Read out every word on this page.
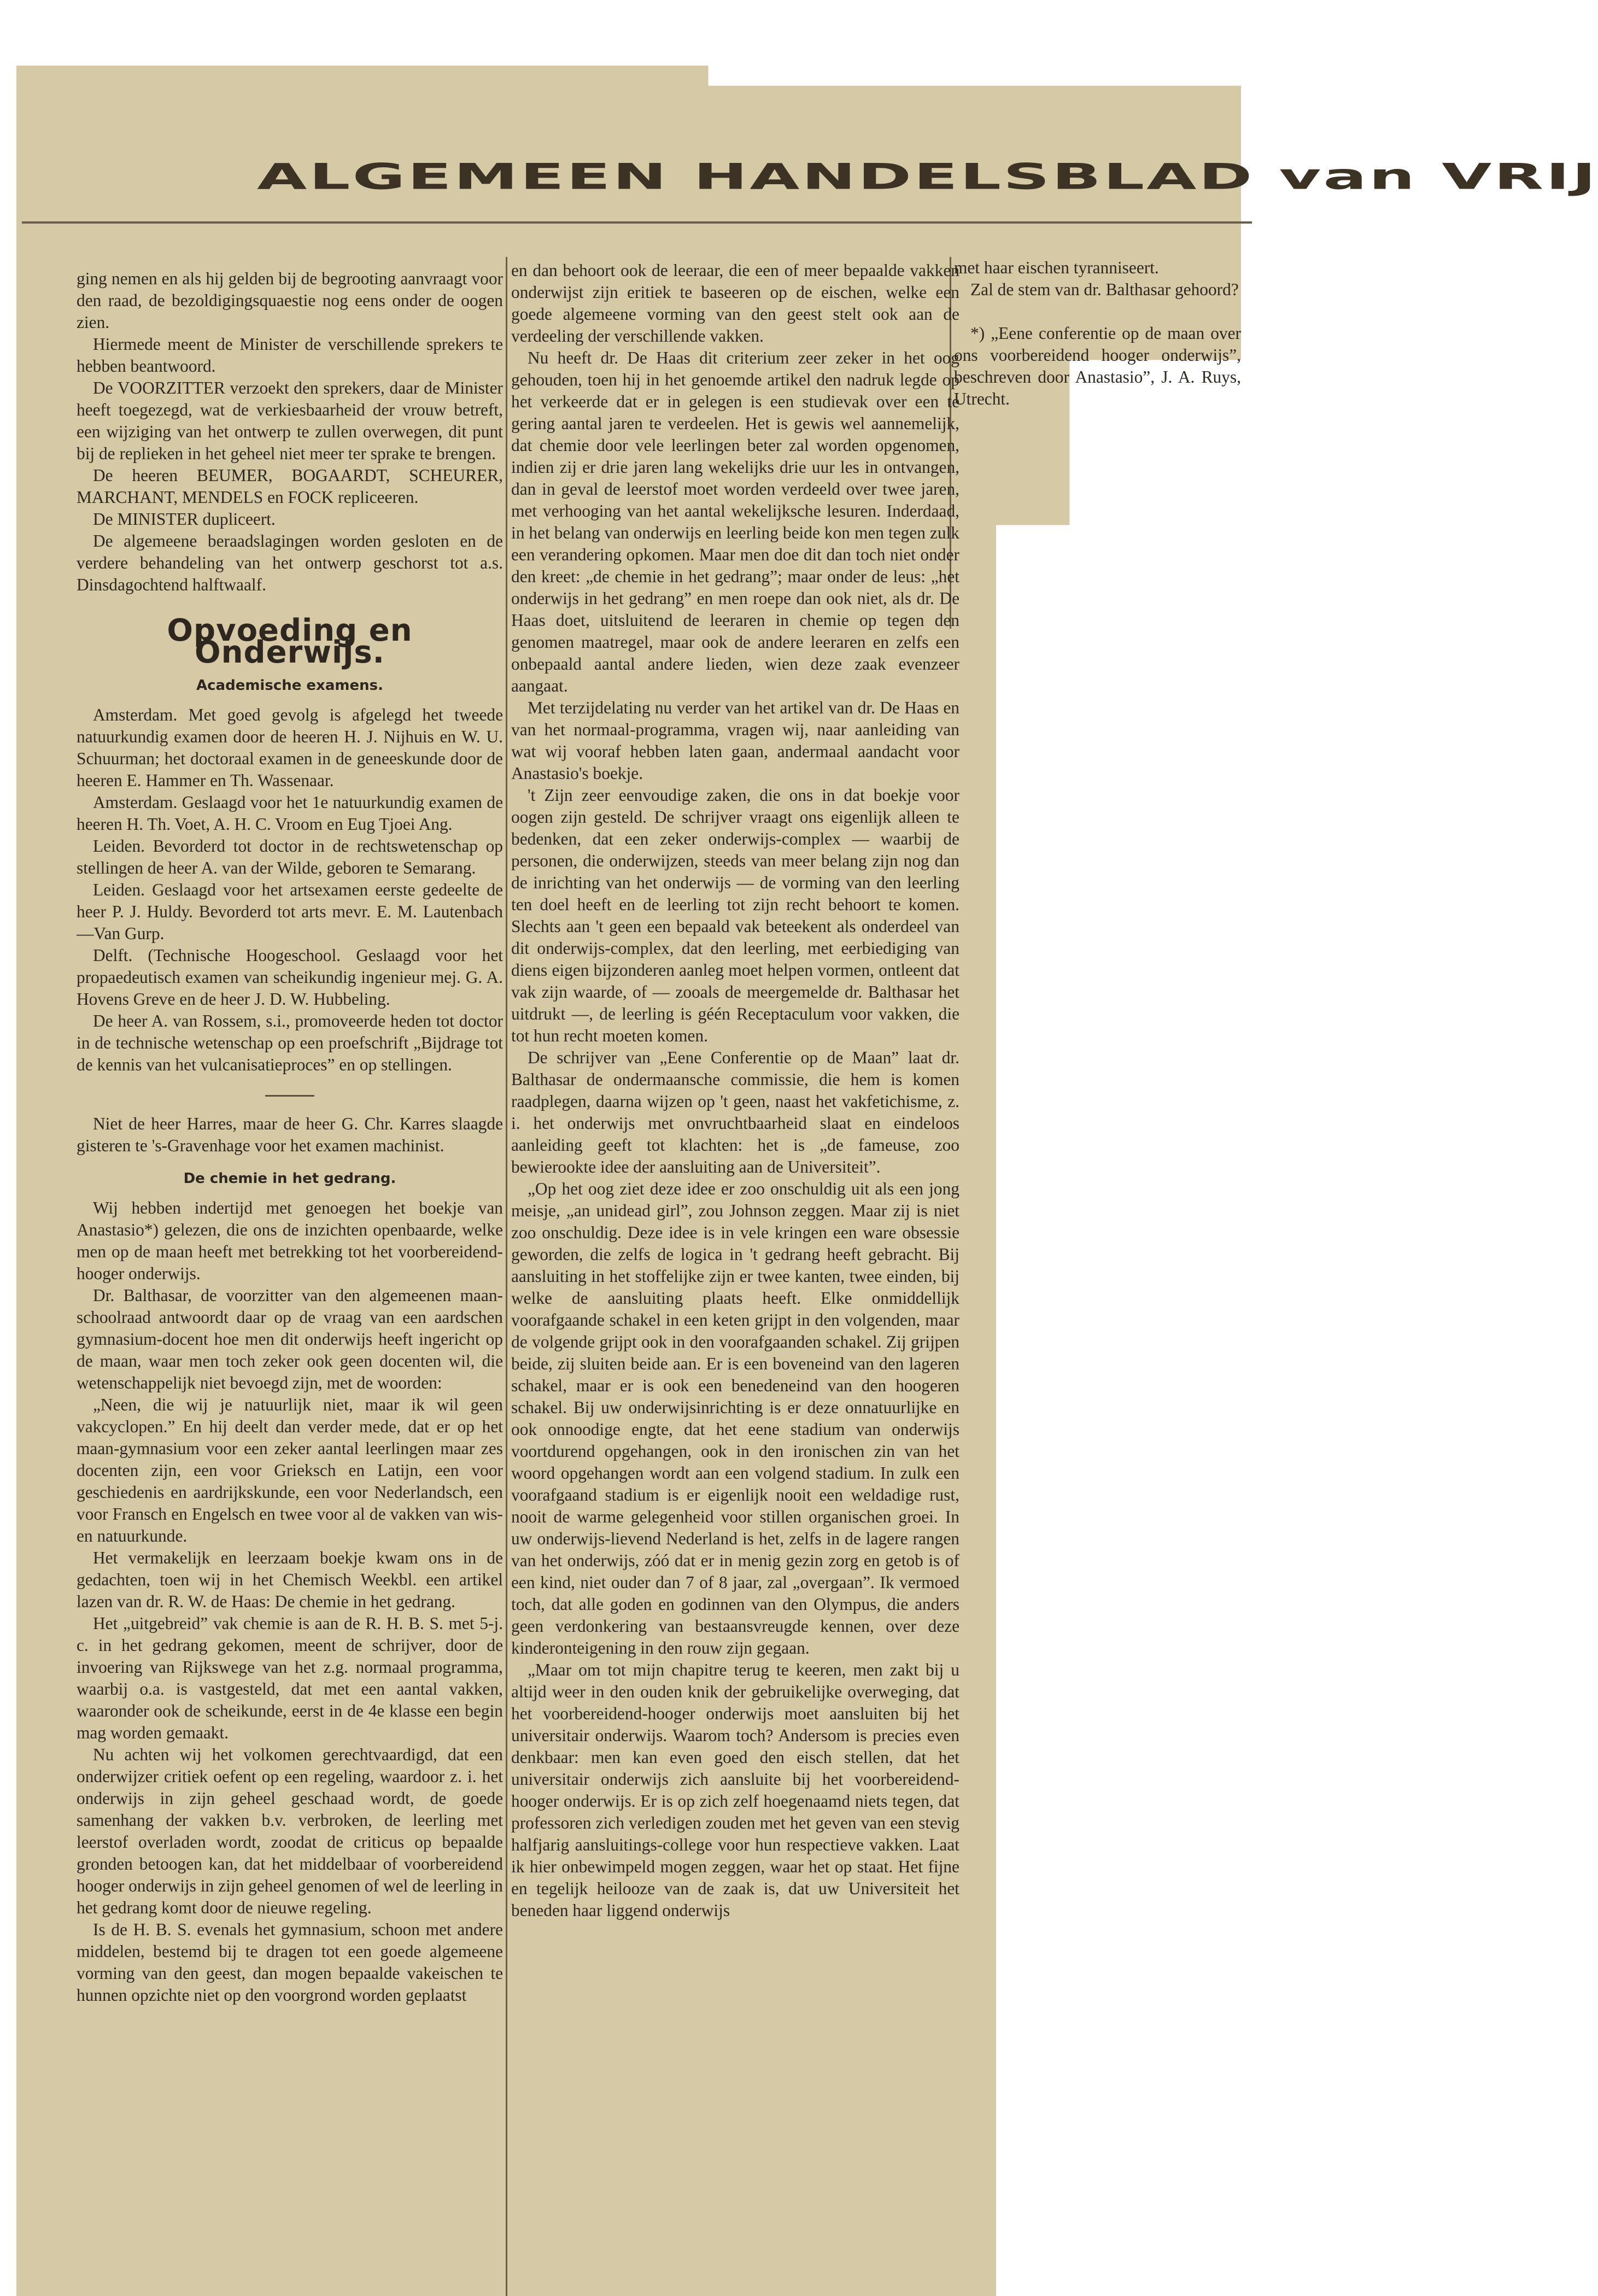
ALGEMEEN HANDELSBLAD van VRIJ

ging nemen en als hij gelden bij de begrooting aanvraagt voor den raad, de bezoldigingsquaestie nog eens onder de oogen zien.

Hiermede meent de Minister de verschillende sprekers te hebben beantwoord.

De VOORZITTER verzoekt den sprekers, daar de Minister heeft toegezegd, wat de verkiesbaarheid der vrouw betreft, een wijziging van het ontwerp te zullen overwegen, dit punt bij de replieken in het geheel niet meer ter sprake te brengen.

De heeren BEUMER, BOGAARDT, SCHEURER, MARCHANT, MENDELS en FOCK repliceeren.

De MINISTER dupliceert.

De algemeene beraadslagingen worden gesloten en de verdere behandeling van het ontwerp geschorst tot a.s. Dinsdagochtend halftwaalf.

Opvoeding en Onderwijs.
Academische examens.

Amsterdam. Met goed gevolg is afgelegd het tweede natuurkundig examen door de heeren H. J. Nijhuis en W. U. Schuurman; het doctoraal examen in de geneeskunde door de heeren E. Hammer en Th. Wassenaar.

Amsterdam. Geslaagd voor het 1e natuurkundig examen de heeren H. Th. Voet, A. H. C. Vroom en Eug Tjoei Ang.

Leiden. Bevorderd tot doctor in de rechtswetenschap op stellingen de heer A. van der Wilde, geboren te Semarang.

Leiden. Geslaagd voor het artsexamen eerste gedeelte de heer P. J. Huldy. Bevorderd tot arts mevr. E. M. Lautenbach—Van Gurp.

Delft. (Technische Hoogeschool. Geslaagd voor het propaedeutisch examen van scheikundig ingenieur mej. G. A. Hovens Greve en de heer J. D. W. Hubbeling.

De heer A. van Rossem, s.i., promoveerde heden tot doctor in de technische wetenschap op een proefschrift „Bijdrage tot de kennis van het vulcanisatieproces” en op stellingen.

Niet de heer Harres, maar de heer G. Chr. Karres slaagde gisteren te 's-Gravenhage voor het examen machinist.

De chemie in het gedrang.

Wij hebben indertijd met genoegen het boekje van Anastasio*) gelezen, die ons de inzichten openbaarde, welke men op de maan heeft met betrekking tot het voorbereidend-hooger onderwijs.

Dr. Balthasar, de voorzitter van den algemeenen maan-schoolraad antwoordt daar op de vraag van een aardschen gymnasium-docent hoe men dit onderwijs heeft ingericht op de maan, waar men toch zeker ook geen docenten wil, die wetenschappelijk niet bevoegd zijn, met de woorden:

„Neen, die wij je natuurlijk niet, maar ik wil geen vakcyclopen.” En hij deelt dan verder mede, dat er op het maan-gymnasium voor een zeker aantal leerlingen maar zes docenten zijn, een voor Grieksch en Latijn, een voor geschiedenis en aardrijkskunde, een voor Nederlandsch, een voor Fransch en Engelsch en twee voor al de vakken van wis- en natuurkunde.

Het vermakelijk en leerzaam boekje kwam ons in de gedachten, toen wij in het Chemisch Weekbl. een artikel lazen van dr. R. W. de Haas: De chemie in het gedrang.

Het „uitgebreid” vak chemie is aan de R. H. B. S. met 5-j. c. in het gedrang gekomen, meent de schrijver, door de invoering van Rijkswege van het z.g. normaal programma, waarbij o.a. is vastgesteld, dat met een aantal vakken, waaronder ook de scheikunde, eerst in de 4e klasse een begin mag worden gemaakt.

Nu achten wij het volkomen gerechtvaardigd, dat een onderwijzer critiek oefent op een regeling, waardoor z. i. het onderwijs in zijn geheel geschaad wordt, de goede samenhang der vakken b.v. verbroken, de leerling met leerstof overladen wordt, zoodat de criticus op bepaalde gronden betoogen kan, dat het middelbaar of voorbereidend hooger onderwijs in zijn geheel genomen of wel de leerling in het gedrang komt door de nieuwe regeling.

Is de H. B. S. evenals het gymnasium, schoon met andere middelen, bestemd bij te dragen tot een goede algemeene vorming van den geest, dan mogen bepaalde vakeischen te hunnen opzichte niet op den voorgrond worden geplaatst

en dan behoort ook de leeraar, die een of meer bepaalde vakken onderwijst zijn eritiek te baseeren op de eischen, welke een goede algemeene vorming van den geest stelt ook aan de verdeeling der verschillende vakken.

Nu heeft dr. De Haas dit criterium zeer zeker in het oog gehouden, toen hij in het genoemde artikel den nadruk legde op het verkeerde dat er in gelegen is een studievak over een te gering aantal jaren te verdeelen. Het is gewis wel aannemelijk, dat chemie door vele leerlingen beter zal worden opgenomen, indien zij er drie jaren lang wekelijks drie uur les in ontvangen, dan in geval de leerstof moet worden verdeeld over twee jaren, met verhooging van het aantal wekelijksche lesuren. Inderdaad, in het belang van onderwijs en leerling beide kon men tegen zulk een verandering opkomen. Maar men doe dit dan toch niet onder den kreet: „de chemie in het gedrang”; maar onder de leus: „het onderwijs in het gedrang” en men roepe dan ook niet, als dr. De Haas doet, uitsluitend de leeraren in chemie op tegen den genomen maatregel, maar ook de andere leeraren en zelfs een onbepaald aantal andere lieden, wien deze zaak evenzeer aangaat.

Met terzijdelating nu verder van het artikel van dr. De Haas en van het normaal-programma, vragen wij, naar aanleiding van wat wij vooraf hebben laten gaan, andermaal aandacht voor Anastasio's boekje.

't Zijn zeer eenvoudige zaken, die ons in dat boekje voor oogen zijn gesteld. De schrijver vraagt ons eigenlijk alleen te bedenken, dat een zeker onderwijs-complex — waarbij de personen, die onderwijzen, steeds van meer belang zijn nog dan de inrichting van het onderwijs — de vorming van den leerling ten doel heeft en de leerling tot zijn recht behoort te komen. Slechts aan 't geen een bepaald vak beteekent als onderdeel van dit onderwijs-complex, dat den leerling, met eerbiediging van diens eigen bijzonderen aanleg moet helpen vormen, ontleent dat vak zijn waarde, of — zooals de meergemelde dr. Balthasar het uitdrukt —, de leerling is géén Receptaculum voor vakken, die tot hun recht moeten komen.

De schrijver van „Eene Conferentie op de Maan” laat dr. Balthasar de ondermaansche commissie, die hem is komen raadplegen, daarna wijzen op 't geen, naast het vakfetichisme, z. i. het onderwijs met onvruchtbaarheid slaat en eindeloos aanleiding geeft tot klachten: het is „de fameuse, zoo bewierookte idee der aansluiting aan de Universiteit”.

„Op het oog ziet deze idee er zoo onschuldig uit als een jong meisje, „an unidead girl”, zou Johnson zeggen. Maar zij is niet zoo onschuldig. Deze idee is in vele kringen een ware obsessie geworden, die zelfs de logica in 't gedrang heeft gebracht. Bij aansluiting in het stoffelijke zijn er twee kanten, twee einden, bij welke de aansluiting plaats heeft. Elke onmiddellijk voorafgaande schakel in een keten grijpt in den volgenden, maar de volgende grijpt ook in den voorafgaanden schakel. Zij grijpen beide, zij sluiten beide aan. Er is een boveneind van den lageren schakel, maar er is ook een benedeneind van den hoogeren schakel. Bij uw onderwijsinrichting is er deze onnatuurlijke en ook onnoodige engte, dat het eene stadium van onderwijs voortdurend opgehangen, ook in den ironischen zin van het woord opgehangen wordt aan een volgend stadium. In zulk een voorafgaand stadium is er eigenlijk nooit een weldadige rust, nooit de warme gelegenheid voor stillen organischen groei. In uw onderwijs-lievend Nederland is het, zelfs in de lagere rangen van het onderwijs, zóó dat er in menig gezin zorg en getob is of een kind, niet ouder dan 7 of 8 jaar, zal „overgaan”. Ik vermoed toch, dat alle goden en godinnen van den Olympus, die anders geen verdonkering van bestaansvreugde kennen, over deze kinderonteigening in den rouw zijn gegaan.

„Maar om tot mijn chapitre terug te keeren, men zakt bij u altijd weer in den ouden knik der gebruikelijke overweging, dat het voorbereidend-hooger onderwijs moet aansluiten bij het universitair onderwijs. Waarom toch? Andersom is precies even denkbaar: men kan even goed den eisch stellen, dat het universitair onderwijs zich aansluite bij het voorbereidend-hooger onderwijs. Er is op zich zelf hoegenaamd niets tegen, dat professoren zich verledigen zouden met het geven van een stevig halfjarig aansluitings-college voor hun respectieve vakken. Laat ik hier onbewimpeld mogen zeggen, waar het op staat. Het fijne en tegelijk heilooze van de zaak is, dat uw Universiteit het beneden haar liggend onderwijs

met haar eischen tyranniseert.

Zal de stem van dr. Balthasar gehoord?

*) „Eene conferentie op de maan over ons voorbereidend hooger onderwijs”, beschreven door Anastasio”, J. A. Ruys, Utrecht.
